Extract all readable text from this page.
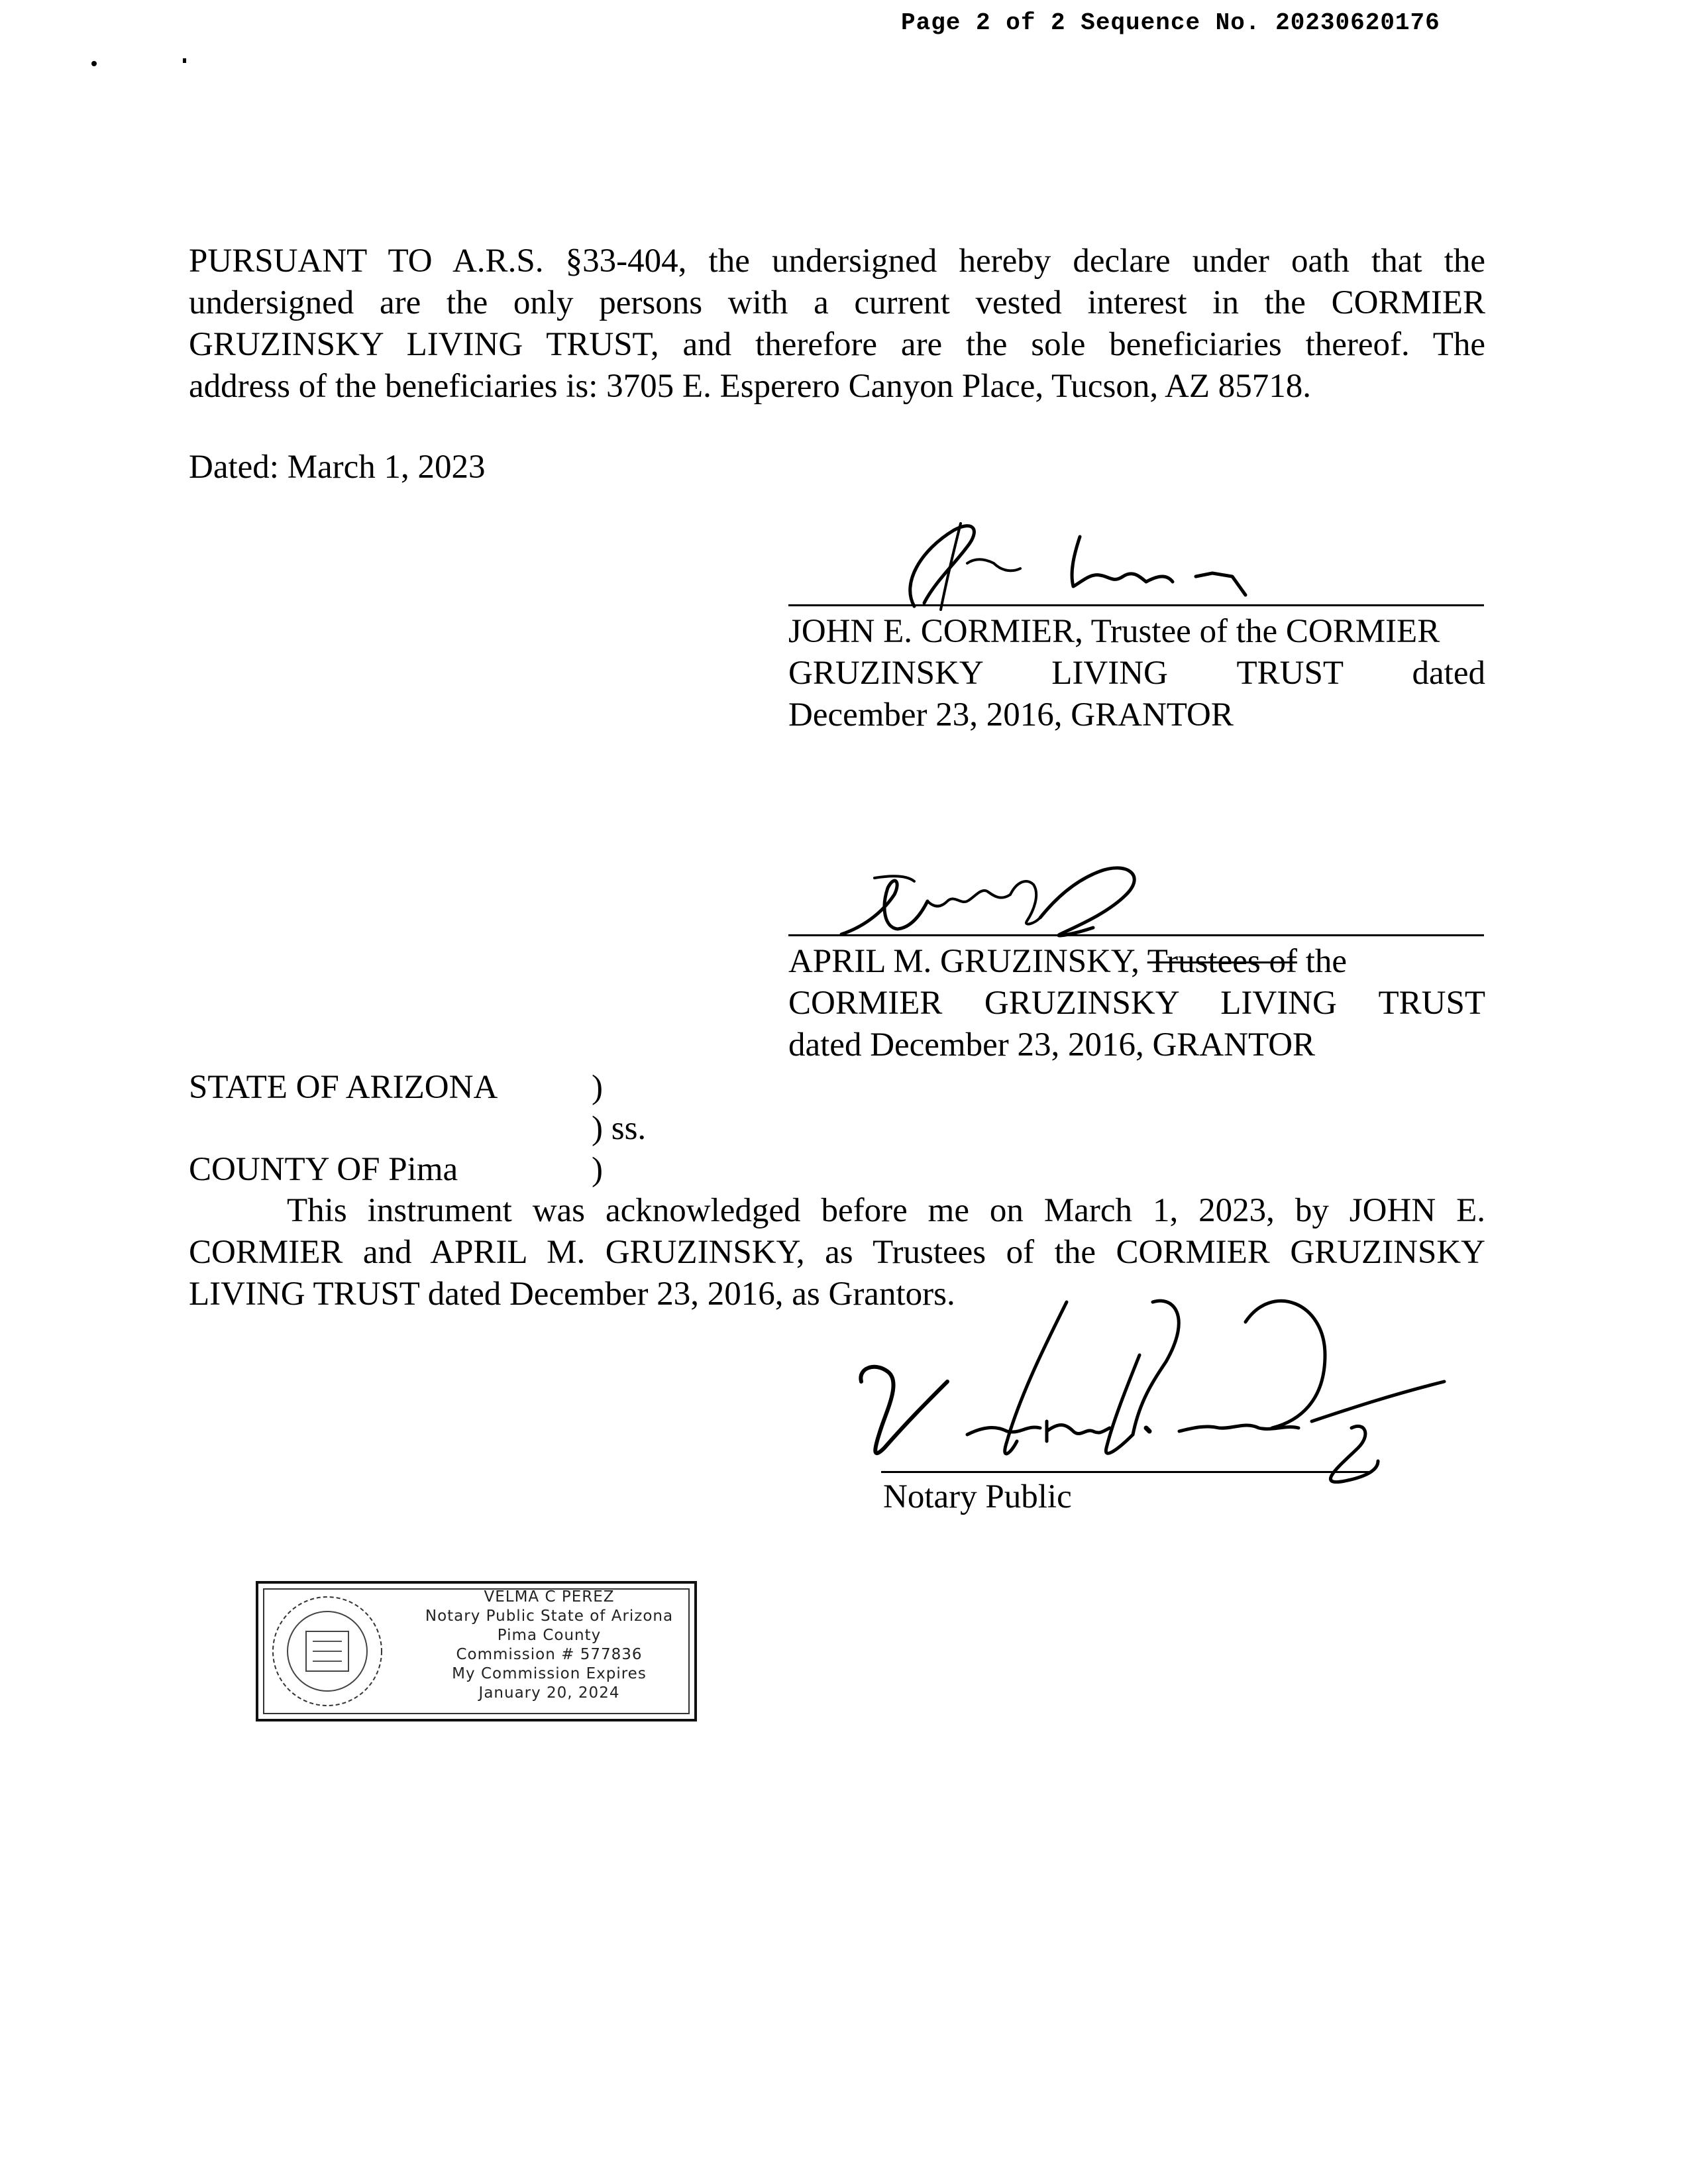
Page 2 of 2 Sequence No. 20230620176
PURSUANT TO A.R.S. §33-404, the undersigned hereby declare under oath that the
undersigned are the only persons with a current vested interest in the CORMIER
GRUZINSKY LIVING TRUST, and therefore are the sole beneficiaries thereof. The
address of the beneficiaries is: 3705 E. Esperero Canyon Place, Tucson, AZ 85718.
Dated: March 1, 2023
JOHN E. CORMIER, Trustee of the CORMIER
GRUZINSKY LIVING TRUST dated
December 23, 2016, GRANTOR
APRIL M. GRUZINSKY, Trustees of the
CORMIER GRUZINSKY LIVING TRUST
dated December 23, 2016, GRANTOR
STATE OF ARIZONA	)
) ss.
COUNTY OF Pima	)
This instrument was acknowledged before me on March 1, 2023, by JOHN E.
CORMIER and APRIL M. GRUZINSKY, as Trustees of the CORMIER GRUZINSKY
LIVING TRUST dated December 23, 2016, as Grantors.
Notary Public
VELMA C PEREZ
Notary Public State of Arizona
Pima County
Commission # 577836
My Commission Expires
January 20, 2024
